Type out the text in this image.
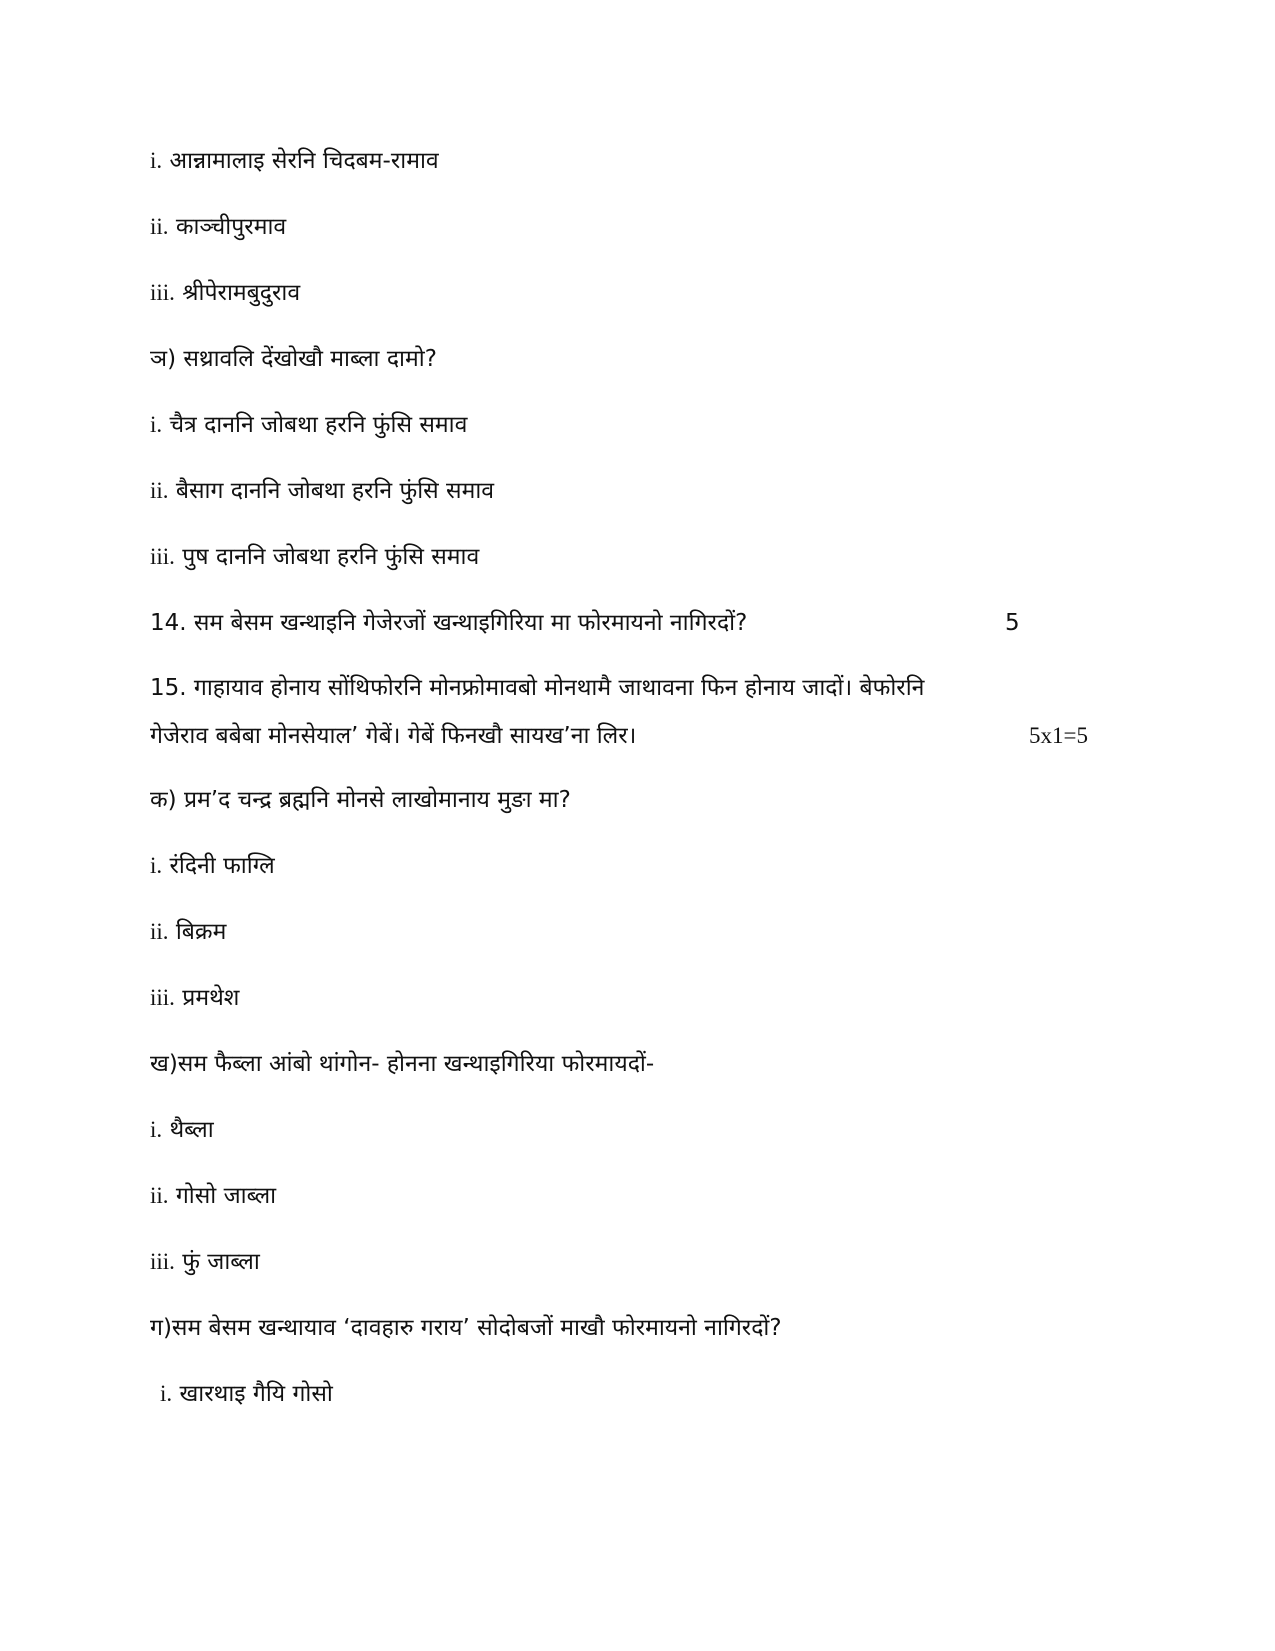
i. आन्नामालाइ सेरनि चिदबम-रामाव
ii. काञ्चीपुरमाव
iii. श्रीपेरामबुदुराव
ञ) सथ्रावलि देंखोखौ माब्ला दामो?
i. चैत्र दाननि जोबथा हरनि फुंसि समाव
ii. बैसाग दाननि जोबथा हरनि फुंसि समाव
iii. पुष दाननि जोबथा हरनि फुंसि समाव
14. सम बेसम खन्थाइनि गेजेरजों खन्थाइगिरिया मा फोरमायनो नागिरदों?	5
15. गाहायाव होनाय सोंथिफोरनि मोनफ्रोमावबो मोनथामै जाथावना फिन होनाय जादों। बेफोरनि
गेजेराव बबेबा मोनसेयाल’ गेबें। गेबें फिनखौ सायख’ना लिर।	5x1=5
क) प्रम’द चन्द्र ब्रह्मनि मोनसे लाखोमानाय मुङा मा?
i. रंदिनी फाग्लि
ii. बिक्रम
iii. प्रमथेश
ख)सम फैब्ला आंबो थांगोन- होनना खन्थाइगिरिया फोरमायदों-
i. थैब्ला
ii. गोसो जाब्ला
iii. फुं जाब्ला
ग)सम बेसम खन्थायाव ‘दावहारु गराय’ सोदोबजों माखौ फोरमायनो नागिरदों?
i. खारथाइ गैयि गोसो
